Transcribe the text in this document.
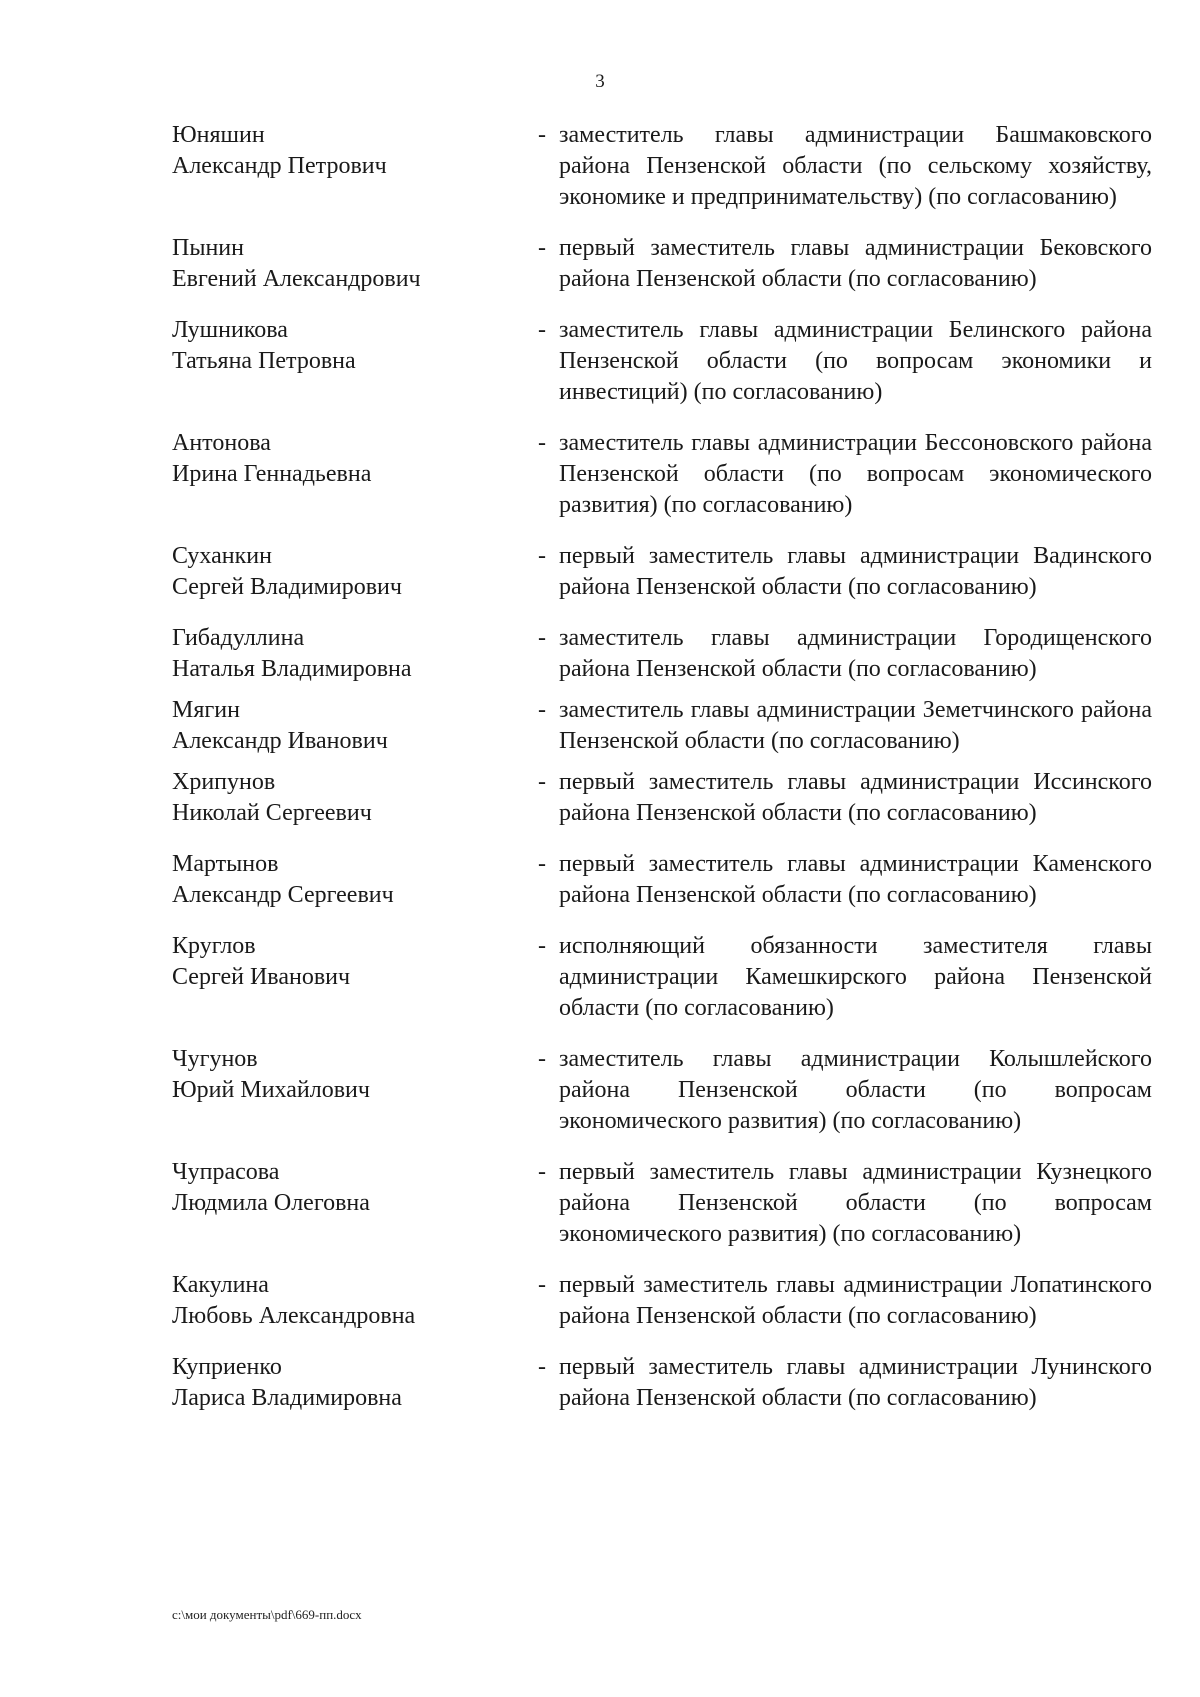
3
Юняшин
Александр Петрович
- заместитель главы администрации Башмаковского района Пензенской области (по сельскому хозяйству, экономике и предпринимательству) (по согласованию)
Пынин
Евгений Александрович
- первый заместитель главы администрации Бековского района Пензенской области (по согласованию)
Лушникова
Татьяна Петровна
- заместитель главы администрации Белинского района Пензенской области (по вопросам экономики и инвестиций) (по согласованию)
Антонова
Ирина Геннадьевна
- заместитель главы администрации Бессоновского района Пензенской области (по вопросам экономического развития) (по согласованию)
Суханкин
Сергей Владимирович
- первый заместитель главы администрации Вадинского района Пензенской области (по согласованию)
Гибадуллина
Наталья Владимировна
- заместитель главы администрации Городищенского района Пензенской области (по согласованию)
Мягин
Александр Иванович
- заместитель главы администрации Земетчинского района Пензенской области (по согласованию)
Хрипунов
Николай Сергеевич
- первый заместитель главы администрации Иссинского района Пензенской области (по согласованию)
Мартынов
Александр Сергеевич
- первый заместитель главы администрации Каменского района Пензенской области (по согласованию)
Круглов
Сергей Иванович
- исполняющий обязанности заместителя главы администрации Камешкирского района Пензенской области (по согласованию)
Чугунов
Юрий Михайлович
- заместитель главы администрации Колышлейского района Пензенской области (по вопросам экономического развития) (по согласованию)
Чупрасова
Людмила Олеговна
- первый заместитель главы администрации Кузнецкого района Пензенской области (по вопросам экономического развития) (по согласованию)
Какулина
Любовь Александровна
- первый заместитель главы администрации Лопатинского района Пензенской области (по согласованию)
Куприенко
Лариса Владимировна
- первый заместитель главы администрации Лунинского района Пензенской области (по согласованию)
c:\мои документы\pdf\669-пп.docx
